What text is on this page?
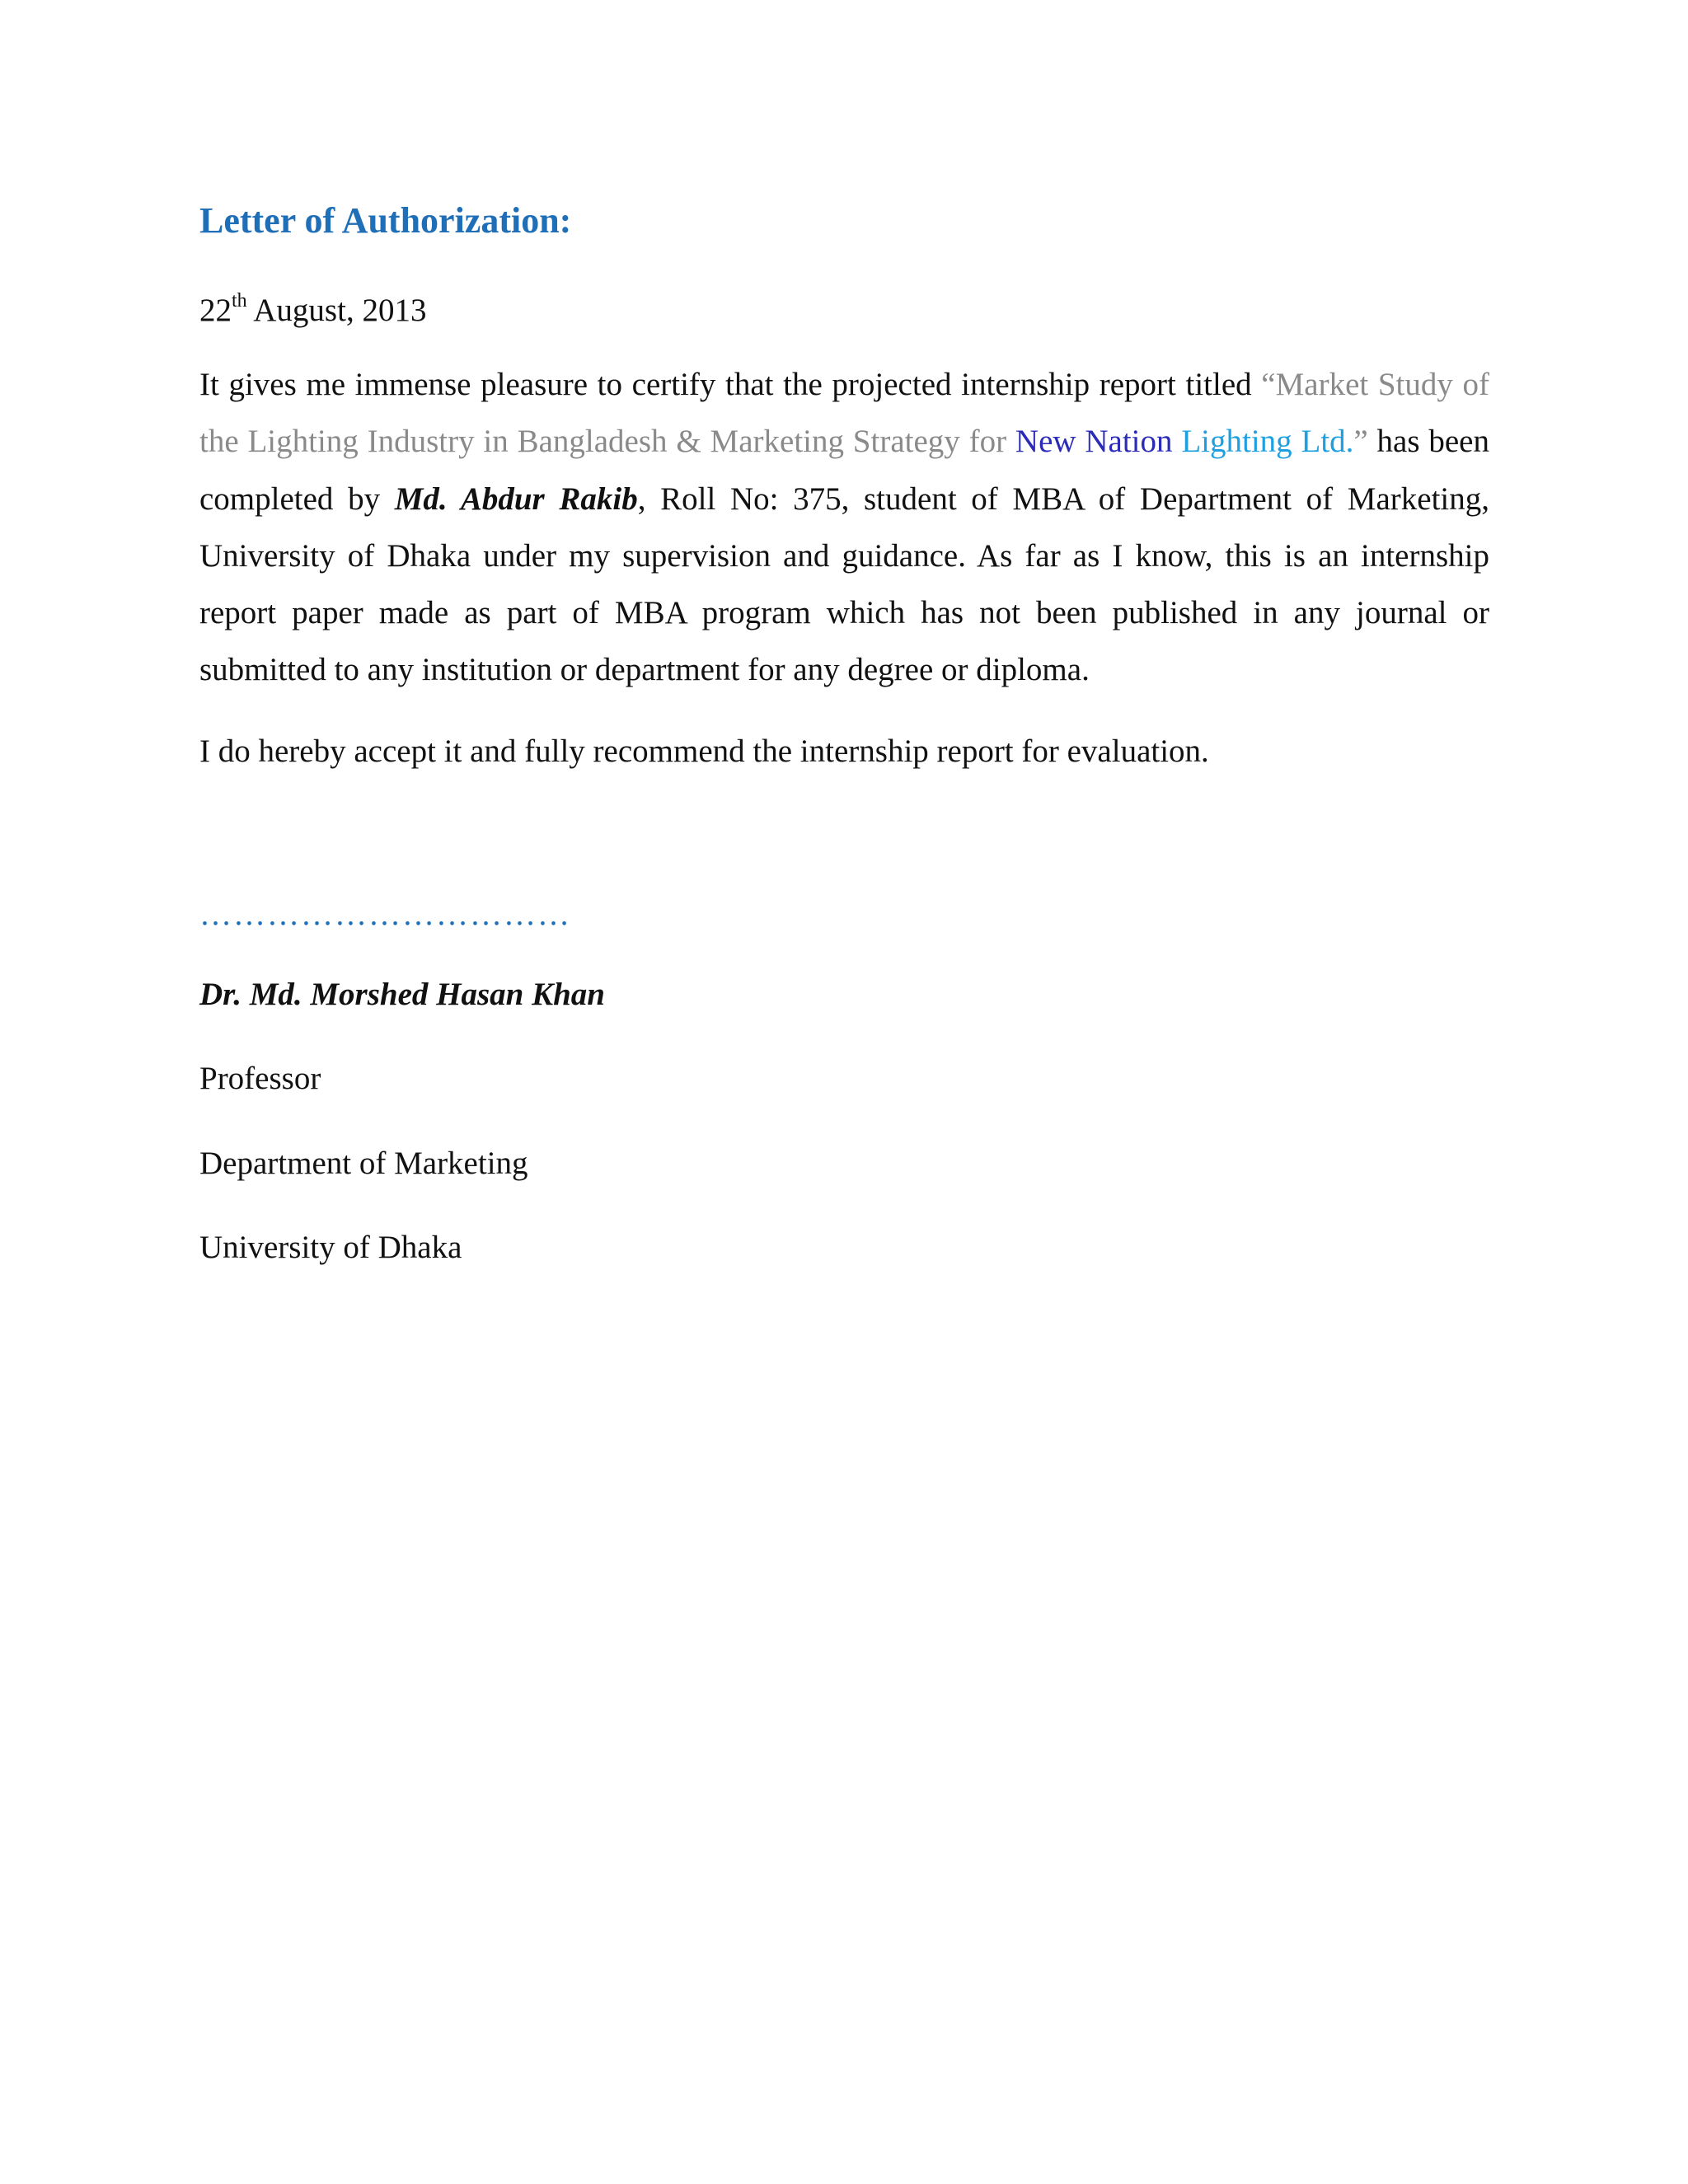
Letter of Authorization:

22th August, 2013

It gives me immense pleasure to certify that the projected internship report titled “Market Study of the Lighting Industry in Bangladesh & Marketing Strategy for New Nation Lighting Ltd.” has been completed by Md. Abdur Rakib, Roll No: 375, student of MBA of Department of Marketing, University of Dhaka under my supervision and guidance. As far as I know, this is an internship report paper made as part of MBA program which has not been published in any journal or submitted to any institution or department for any degree or diploma.

I do hereby accept it and fully recommend the internship report for evaluation.

……………………………

Dr. Md. Morshed Hasan Khan

Professor

Department of Marketing

University of Dhaka
